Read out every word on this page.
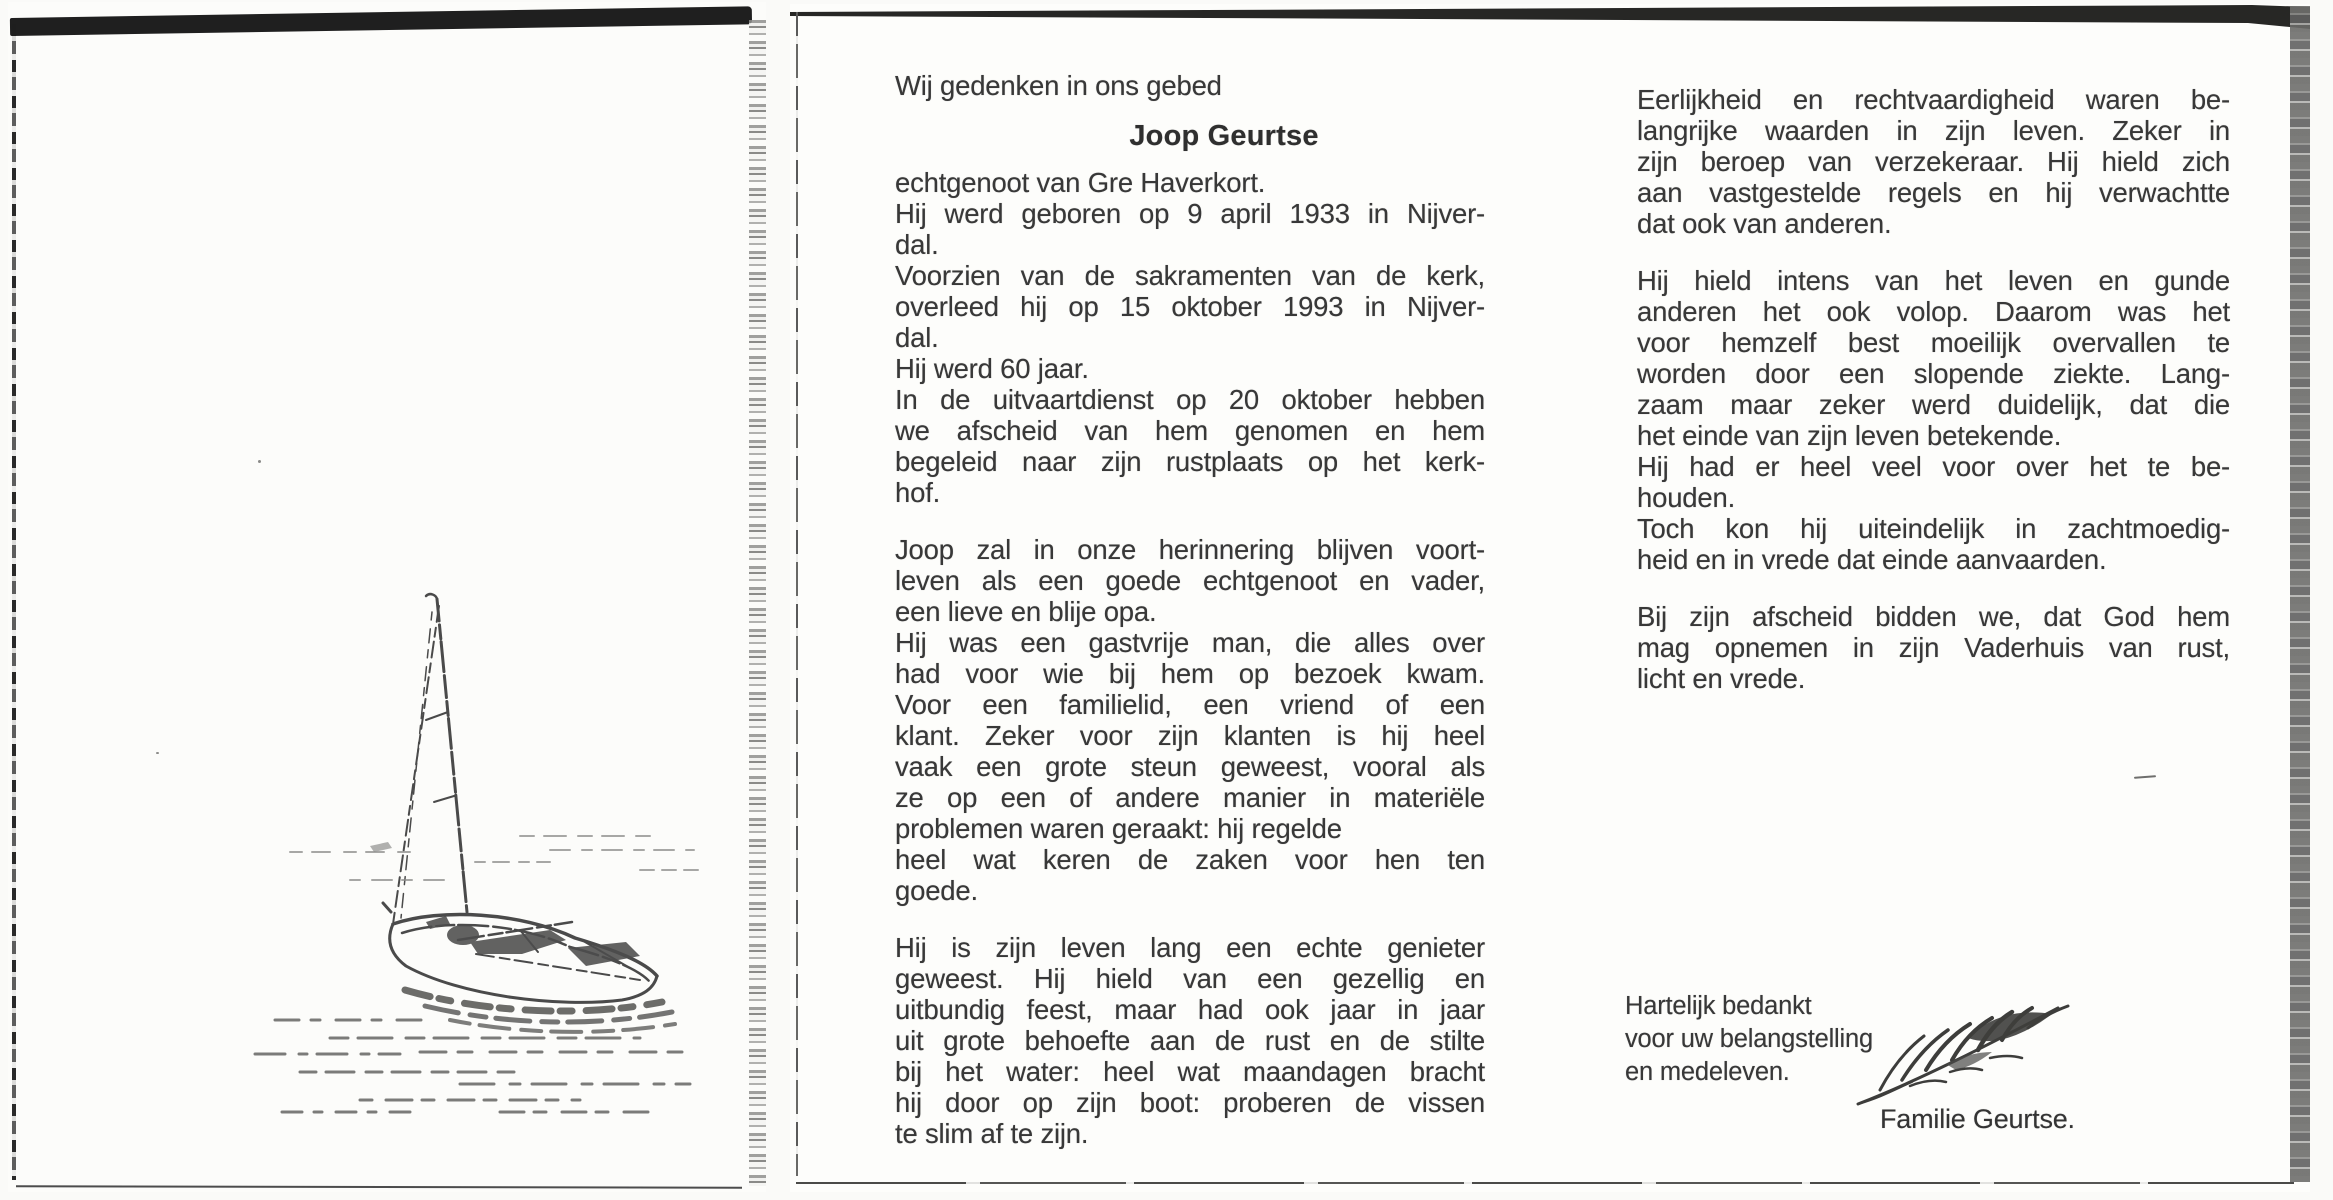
Wij gedenken in ons gebed
Joop Geurtse
echtgenoot van Gre Haverkort.
Hij werd geboren op 9 april 1933 in Nijver-
dal.
Voorzien van de sakramenten van de kerk,
overleed hij op 15 oktober 1993 in Nijver-
dal.
Hij werd 60 jaar.
In de uitvaartdienst op 20 oktober hebben
we afscheid van hem genomen en hem
begeleid naar zijn rustplaats op het kerk-
hof.
Joop zal in onze herinnering blijven voort-
leven als een goede echtgenoot en vader,
een lieve en blije opa.
Hij was een gastvrije man, die alles over
had voor wie bij hem op bezoek kwam.
Voor een familielid, een vriend of een
klant. Zeker voor zijn klanten is hij heel
vaak een grote steun geweest, vooral als
ze op een of andere manier in materiële
problemen waren geraakt: hij regelde
heel wat keren de zaken voor hen ten
goede.
Hij is zijn leven lang een echte genieter
geweest. Hij hield van een gezellig en
uitbundig feest, maar had ook jaar in jaar
uit grote behoefte aan de rust en de stilte
bij het water: heel wat maandagen bracht
hij door op zijn boot: proberen de vissen
te slim af te zijn.
Eerlijkheid en rechtvaardigheid waren be-
langrijke waarden in zijn leven. Zeker in
zijn beroep van verzekeraar. Hij hield zich
aan vastgestelde regels en hij verwachtte
dat ook van anderen.
Hij hield intens van het leven en gunde
anderen het ook volop. Daarom was het
voor hemzelf best moeilijk overvallen te
worden door een slopende ziekte. Lang-
zaam maar zeker werd duidelijk, dat die
het einde van zijn leven betekende.
Hij had er heel veel voor over het te be-
houden.
Toch kon hij uiteindelijk in zachtmoedig-
heid en in vrede dat einde aanvaarden.
Bij zijn afscheid bidden we, dat God hem
mag opnemen in zijn Vaderhuis van rust,
licht en vrede.
Hartelijk bedankt
voor uw belangstelling
en medeleven.
Familie Geurtse.
